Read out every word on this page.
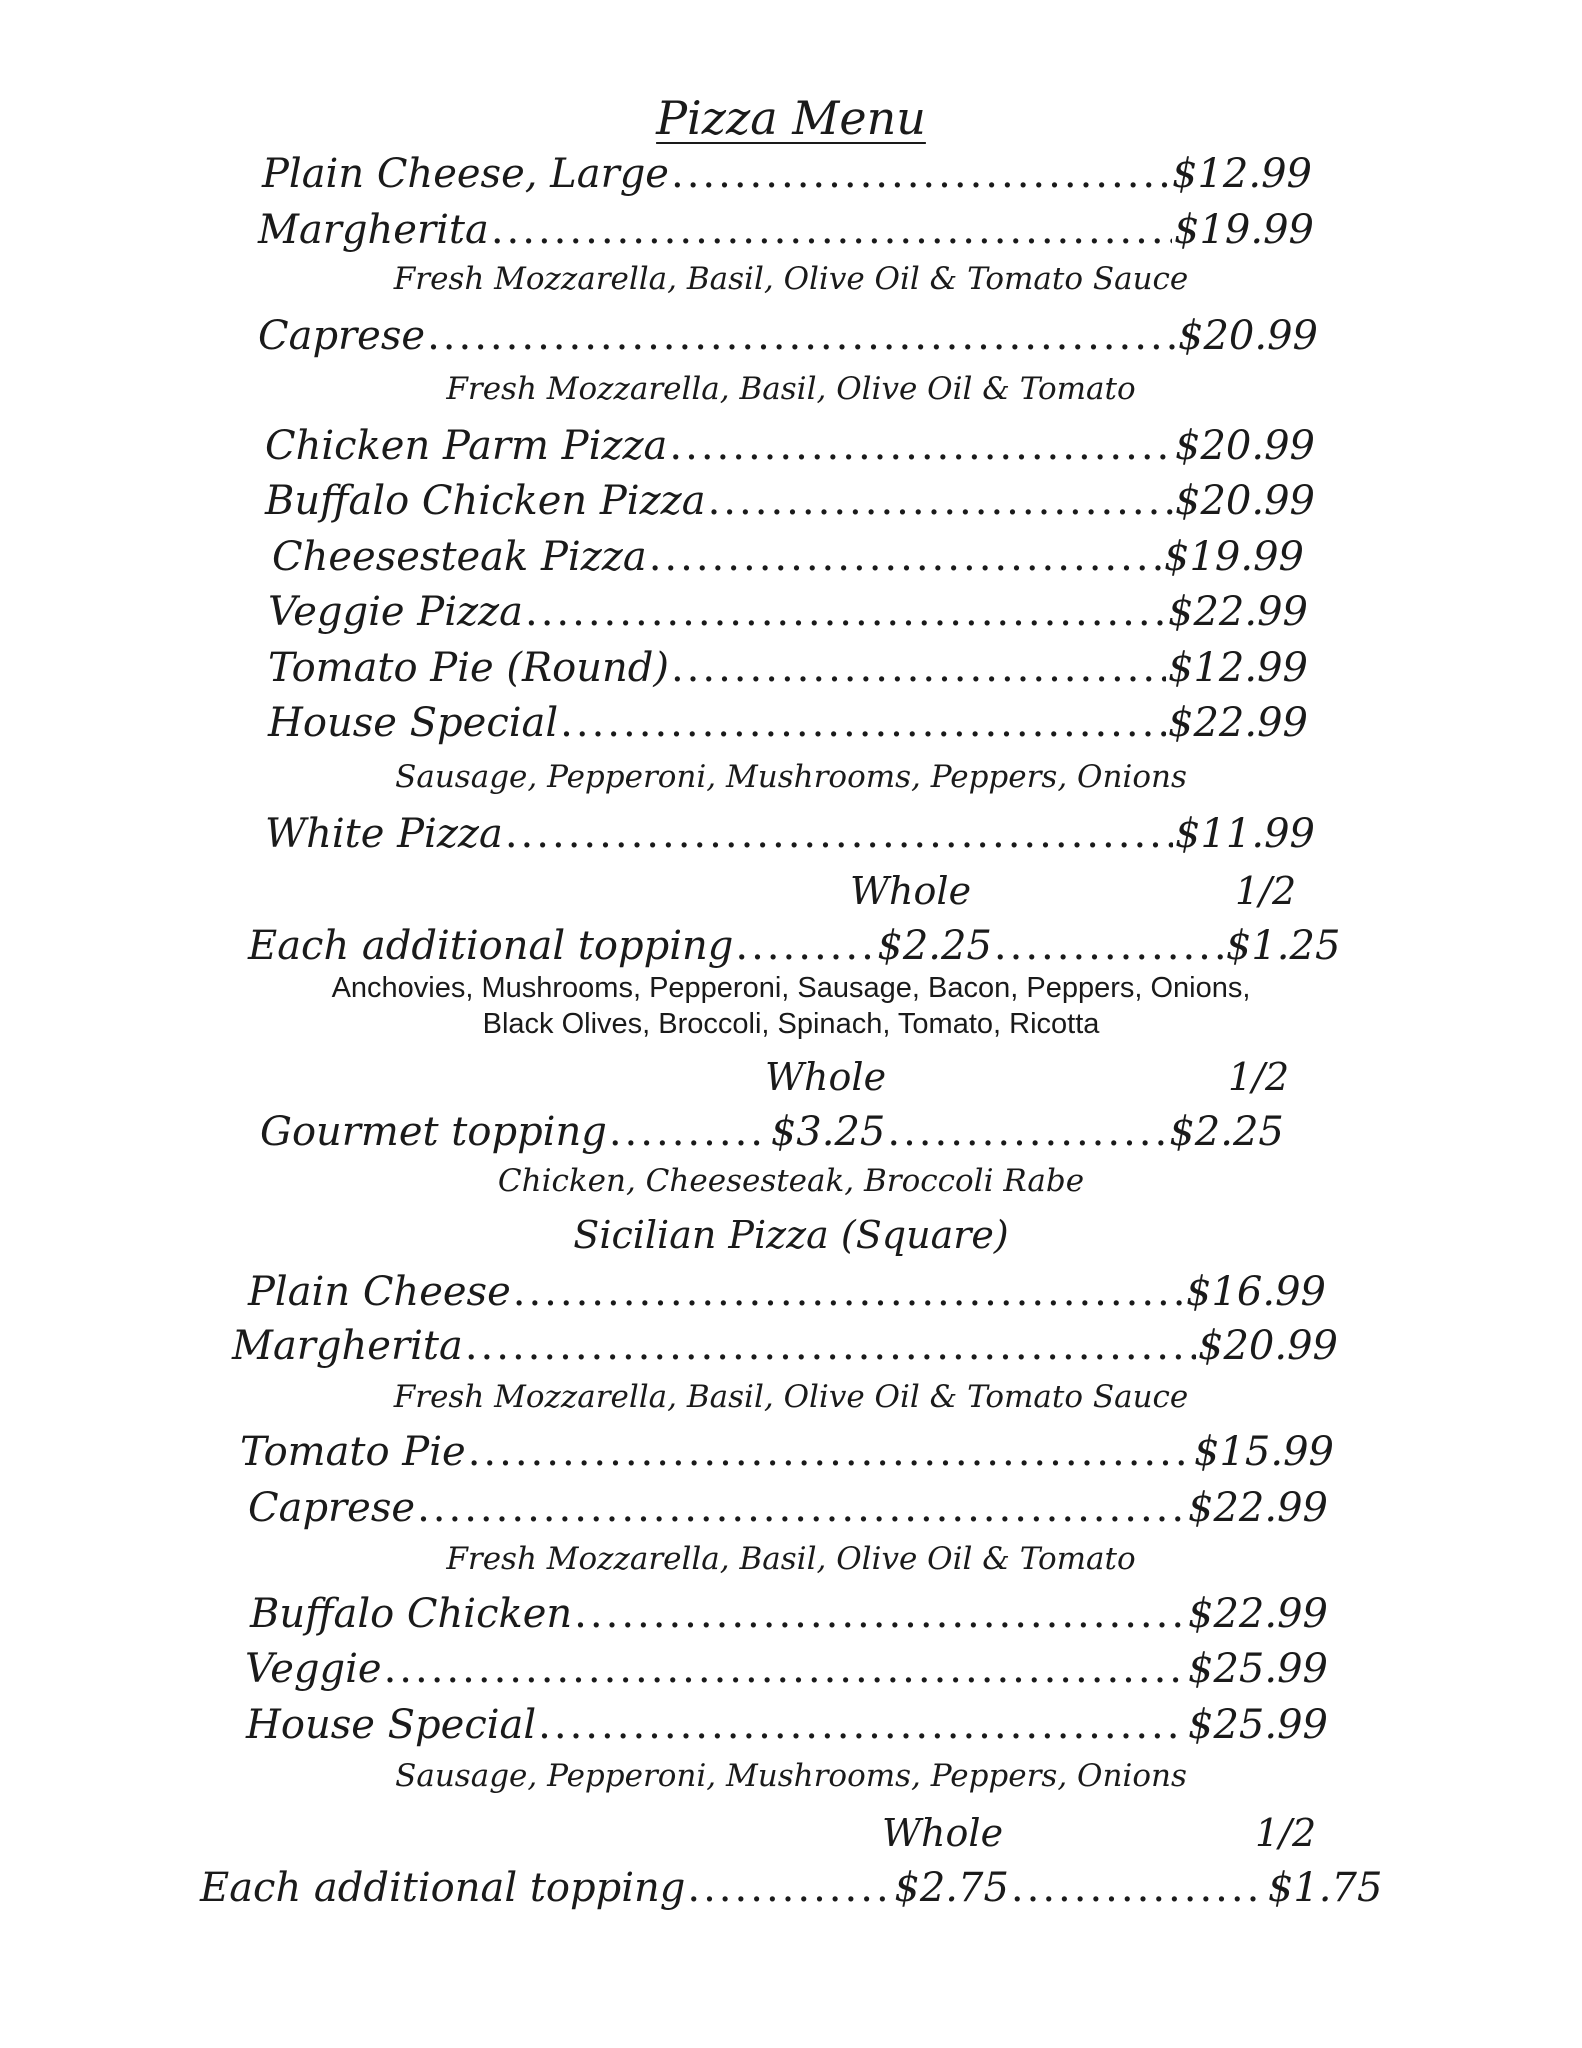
Pizza Menu
Plain Cheese, Large .....	$12.99
Margherita .....	$19.99
Fresh Mozzarella, Basil, Olive Oil & Tomato Sauce
Caprese .....	$20.99
Fresh Mozzarella, Basil, Olive Oil & Tomato
Chicken Parm Pizza .....	$20.99
Buffalo Chicken Pizza .....	$20.99
Cheesesteak Pizza .....	$19.99
Veggie Pizza .....	$22.99
Tomato Pie (Round) .....	$12.99
House Special .....	$22.99
Sausage, Pepperoni, Mushrooms, Peppers, Onions
White Pizza .....	$11.99
Whole	1/2
Each additional topping .....	$2.25 .....	$1.25
Anchovies, Mushrooms, Pepperoni, Sausage, Bacon, Peppers, Onions,
Black Olives, Broccoli, Spinach, Tomato, Ricotta
Whole	1/2
Gourmet topping .....	$3.25 .....	$2.25
Chicken, Cheesesteak, Broccoli Rabe
Sicilian Pizza (Square)
Plain Cheese .....	$16.99
Margherita .....	$20.99
Fresh Mozzarella, Basil, Olive Oil & Tomato Sauce
Tomato Pie .....	$15.99
Caprese .....	$22.99
Fresh Mozzarella, Basil, Olive Oil & Tomato
Buffalo Chicken .....	$22.99
Veggie .....	$25.99
House Special .....	$25.99
Sausage, Pepperoni, Mushrooms, Peppers, Onions
Whole	1/2
Each additional topping .....	$2.75 .....	$1.75
